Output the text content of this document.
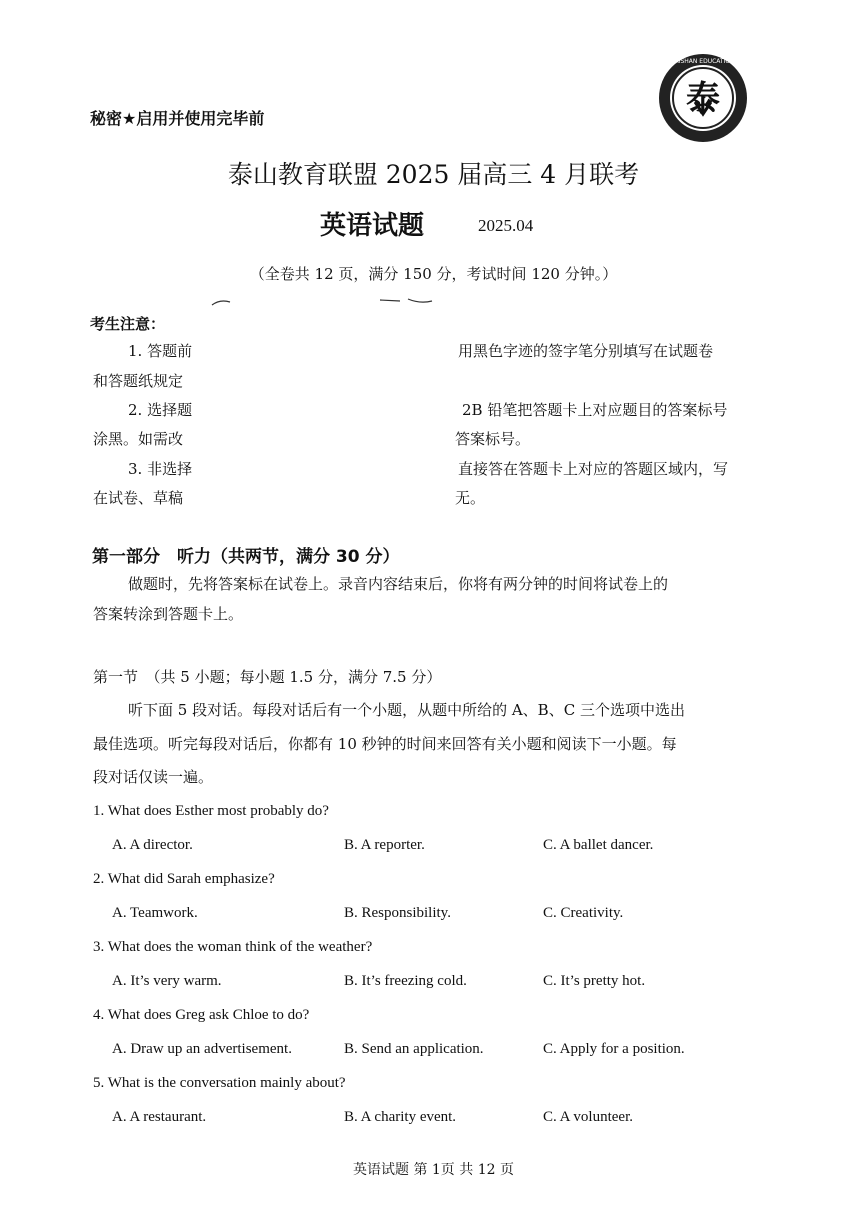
秘密★启用并使用完毕前	泰
TAISHAN EDUCATION
泰山教育联盟 2025 届高三 4 月联考
英语试题	2025.04
（全卷共 12 页，满分 150 分，考试时间 120 分钟。）
考生注意：
1. 答题前	用黑色字迹的签字笔分别填写在试题卷
和答题纸规定
2. 选择题	2B 铅笔把答题卡上对应题目的答案标号
涂黑。如需改	答案标号。
3. 非选择	直接答在答题卡上对应的答题区域内，写
在试卷、草稿	无。
第一部分　听力（共两节，满分 30 分）
做题时，先将答案标在试卷上。录音内容结束后，你将有两分钟的时间将试卷上的
答案转涂到答题卡上。
第一节　（共 5 小题；每小题 1.5 分，满分 7.5 分）
听下面 5 段对话。每段对话后有一个小题，从题中所给的 A、B、C 三个选项中选出
最佳选项。听完每段对话后，你都有 10 秒钟的时间来回答有关小题和阅读下一小题。每
段对话仅读一遍。
1. What does Esther most probably do?
A. A director.	B. A reporter.	C. A ballet dancer.
2. What did Sarah emphasize?
A. Teamwork.	B. Responsibility.	C. Creativity.
3. What does the woman think of the weather?
A. It’s very warm.	B. It’s freezing cold.	C. It’s pretty hot.
4. What does Greg ask Chloe to do?
A. Draw up an advertisement.	B. Send an application.	C. Apply for a position.
5. What is the conversation mainly about?
A. A restaurant.	B. A charity event.	C. A volunteer.
英语试题 第 1页 共 12 页
